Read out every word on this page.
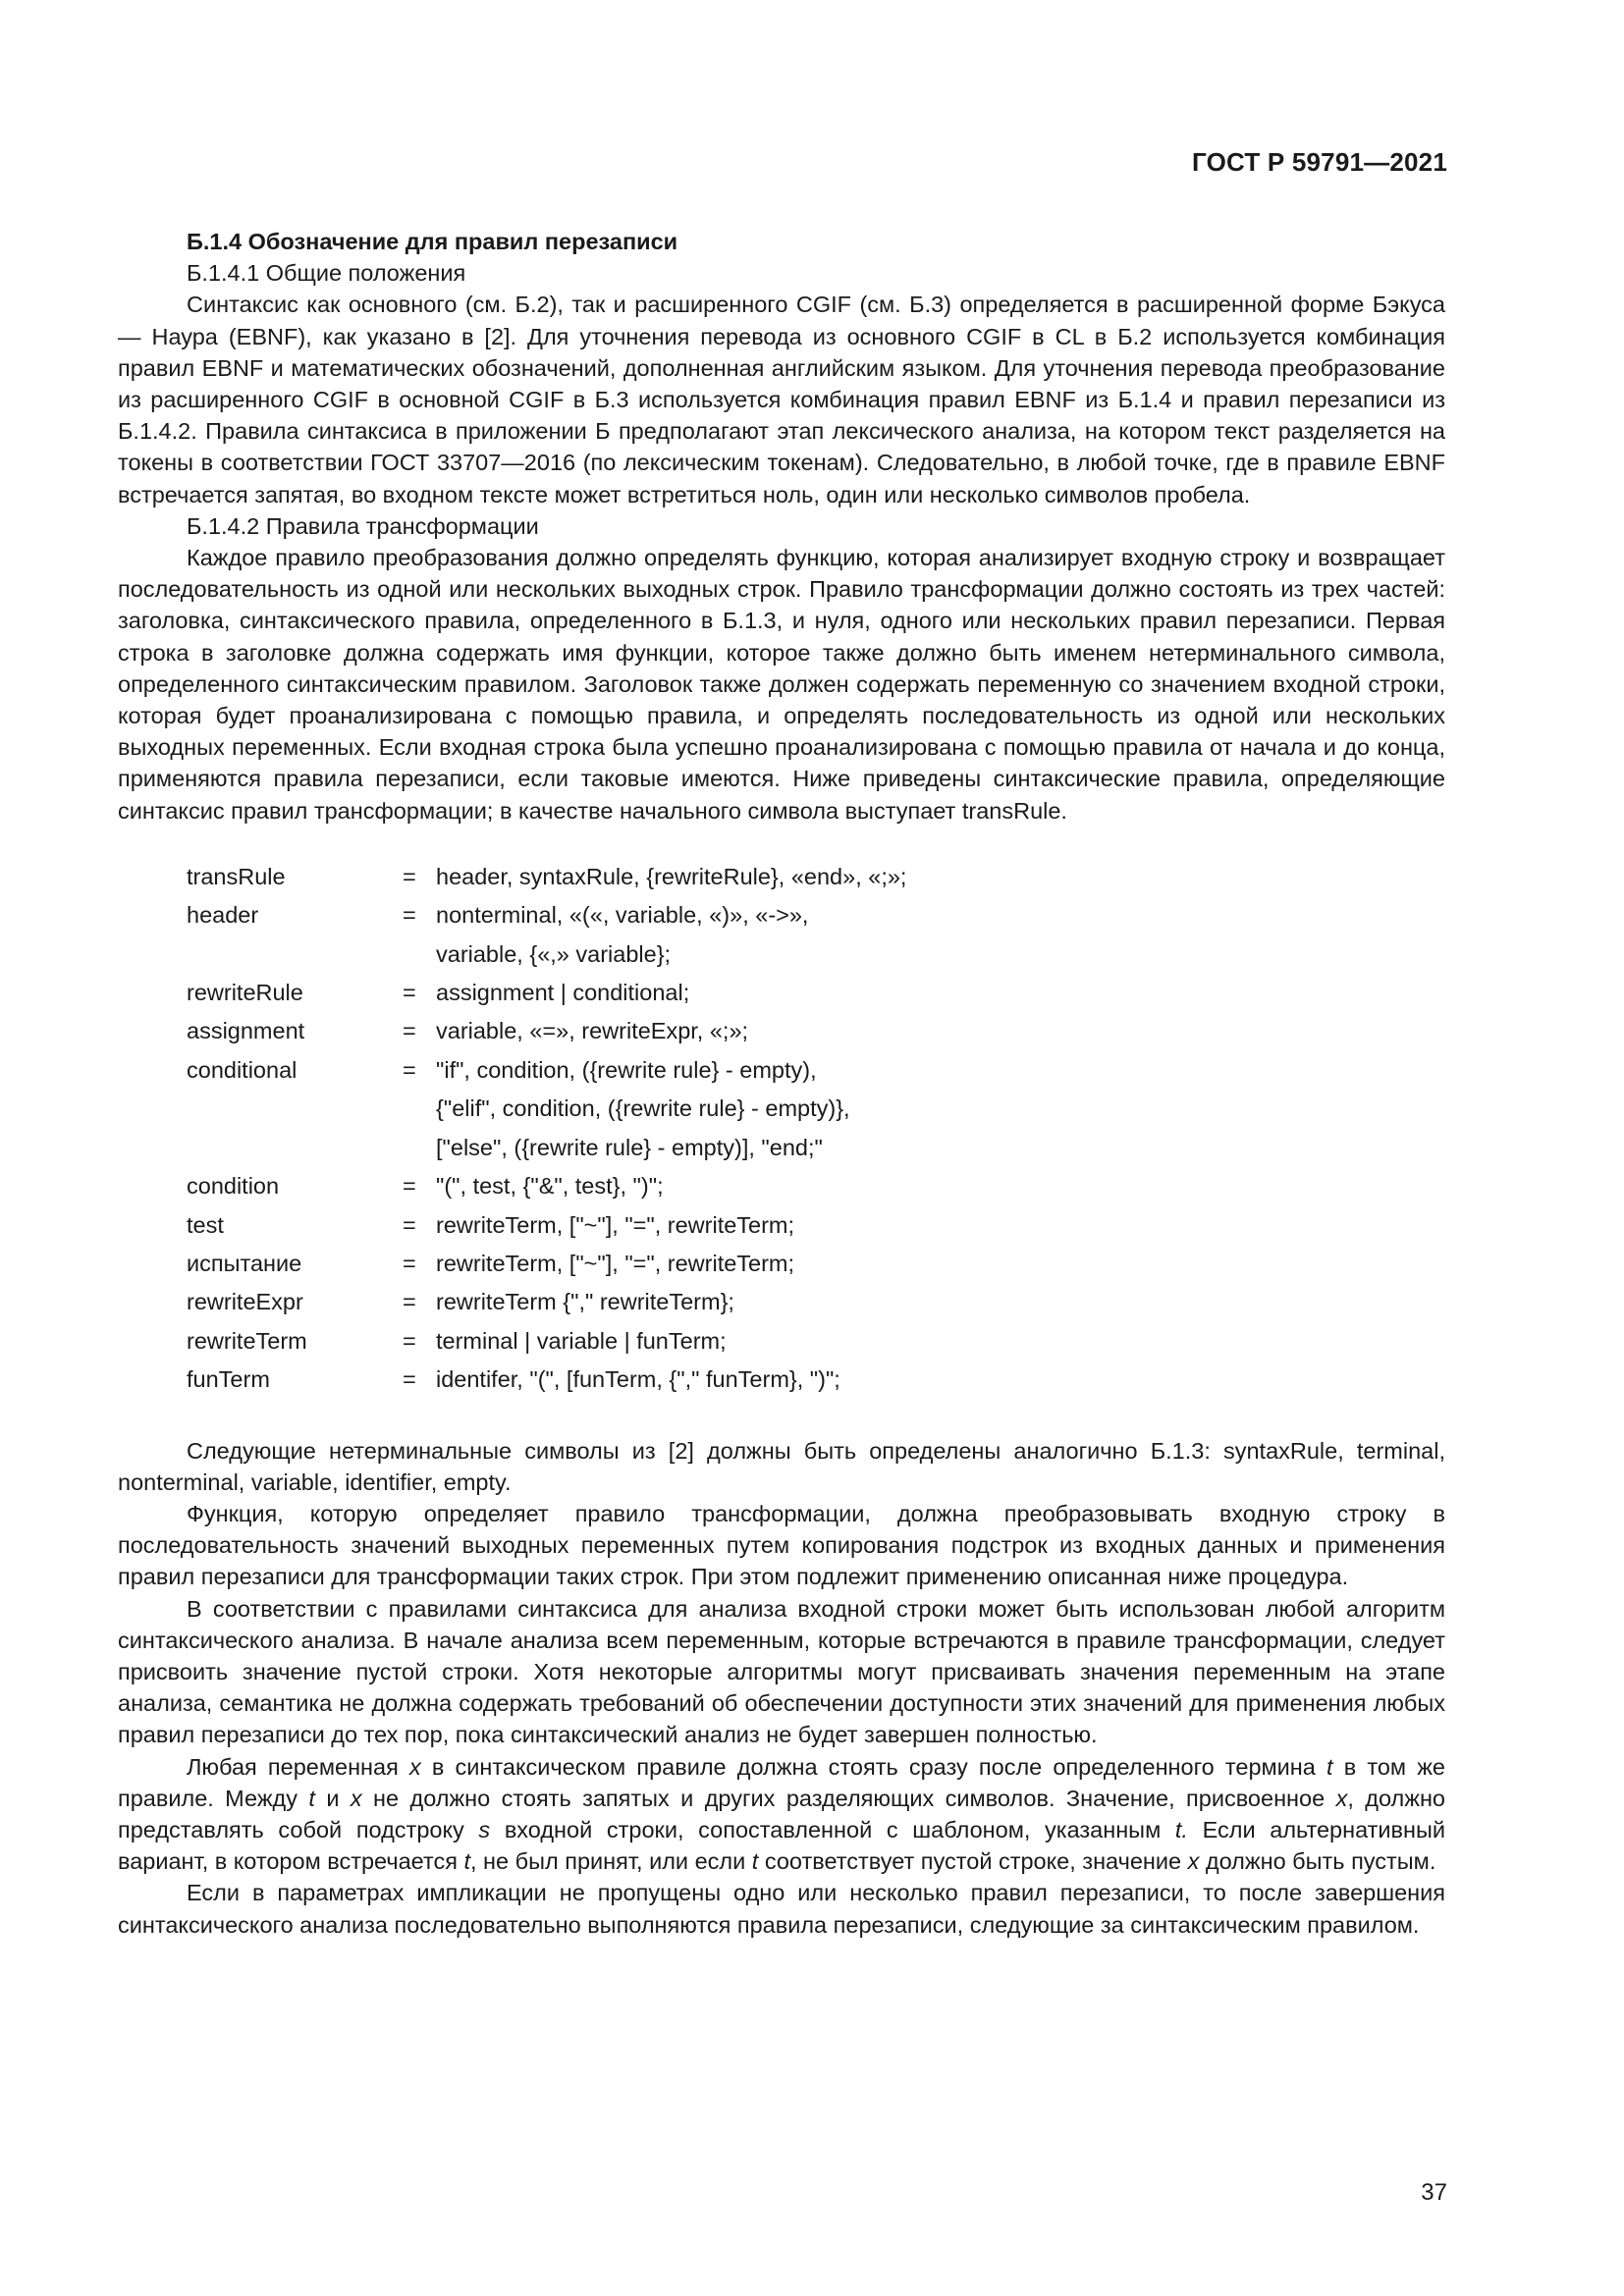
ГОСТ Р 59791—2021

Б.1.4 Обозначение для правил перезаписи

Б.1.4.1 Общие положения

Синтаксис как основного (см. Б.2), так и расширенного CGIF (см. Б.3) определяется в расширенной форме Бэкуса — Наура (EBNF), как указано в [2]. Для уточнения перевода из основного CGIF в CL в Б.2 используется комбинация правил EBNF и математических обозначений, дополненная английским языком. Для уточнения перевода преобразование из расширенного CGIF в основной CGIF в Б.3 используется комбинация правил EBNF из Б.1.4 и правил перезаписи из Б.1.4.2. Правила синтаксиса в приложении Б предполагают этап лексического анализа, на котором текст разделяется на токены в соответствии ГОСТ 33707—2016 (по лексическим токенам). Следовательно, в любой точке, где в правиле EBNF встречается запятая, во входном тексте может встретиться ноль, один или несколько символов пробела.

Б.1.4.2 Правила трансформации

Каждое правило преобразования должно определять функцию, которая анализирует входную строку и возвращает последовательность из одной или нескольких выходных строк. Правило трансформации должно состоять из трех частей: заголовка, синтаксического правила, определенного в Б.1.3, и нуля, одного или нескольких правил перезаписи. Первая строка в заголовке должна содержать имя функции, которое также должно быть именем нетерминального символа, определенного синтаксическим правилом. Заголовок также должен содержать переменную со значением входной строки, которая будет проанализирована с помощью правила, и определять последовательность из одной или нескольких выходных переменных. Если входная строка была успешно проанализирована с помощью правила от начала и до конца, применяются правила перезаписи, если таковые имеются. Ниже приведены синтаксические правила, определяющие синтаксис правил трансформации; в качестве начального символа выступает transRule.

transRule	=	header, syntaxRule, {rewriteRule}, «end», «;»;
header	=	nonterminal, «(«, variable, «)», «->»,
		variable, {«,» variable};
rewriteRule	=	assignment | conditional;
assignment	=	variable, «=», rewriteExpr, «;»;
conditional	=	"if", condition, ({rewrite rule} - empty),
		{"elif", condition, ({rewrite rule} - empty)},
		["else", ({rewrite rule} - empty)], "end;"
condition	=	"(", test, {"&", test}, ")";
test	=	rewriteTerm, ["~"], "=", rewriteTerm;
испытание	=	rewriteTerm, ["~"], "=", rewriteTerm;
rewriteExpr	=	rewriteTerm {"," rewriteTerm};
rewriteTerm	=	terminal | variable | funTerm;
funTerm	=	identifer, "(", [funTerm, {"," funTerm}, ")";

Следующие нетерминальные символы из [2] должны быть определены аналогично Б.1.3: syntaxRule, terminal, nonterminal, variable, identifier, empty.

Функция, которую определяет правило трансформации, должна преобразовывать входную строку в последовательность значений выходных переменных путем копирования подстрок из входных данных и применения правил перезаписи для трансформации таких строк. При этом подлежит применению описанная ниже процедура.

В соответствии с правилами синтаксиса для анализа входной строки может быть использован любой алгоритм синтаксического анализа. В начале анализа всем переменным, которые встречаются в правиле трансформации, следует присвоить значение пустой строки. Хотя некоторые алгоритмы могут присваивать значения переменным на этапе анализа, семантика не должна содержать требований об обеспечении доступности этих значений для применения любых правил перезаписи до тех пор, пока синтаксический анализ не будет завершен полностью.

Любая переменная x в синтаксическом правиле должна стоять сразу после определенного термина t в том же правиле. Между t и x не должно стоять запятых и других разделяющих символов. Значение, присвоенное x, должно представлять собой подстроку s входной строки, сопоставленной с шаблоном, указанным t. Если альтернативный вариант, в котором встречается t, не был принят, или если t соответствует пустой строке, значение x должно быть пустым.

Если в параметрах импликации не пропущены одно или несколько правил перезаписи, то после завершения синтаксического анализа последовательно выполняются правила перезаписи, следующие за синтаксическим правилом.

37
